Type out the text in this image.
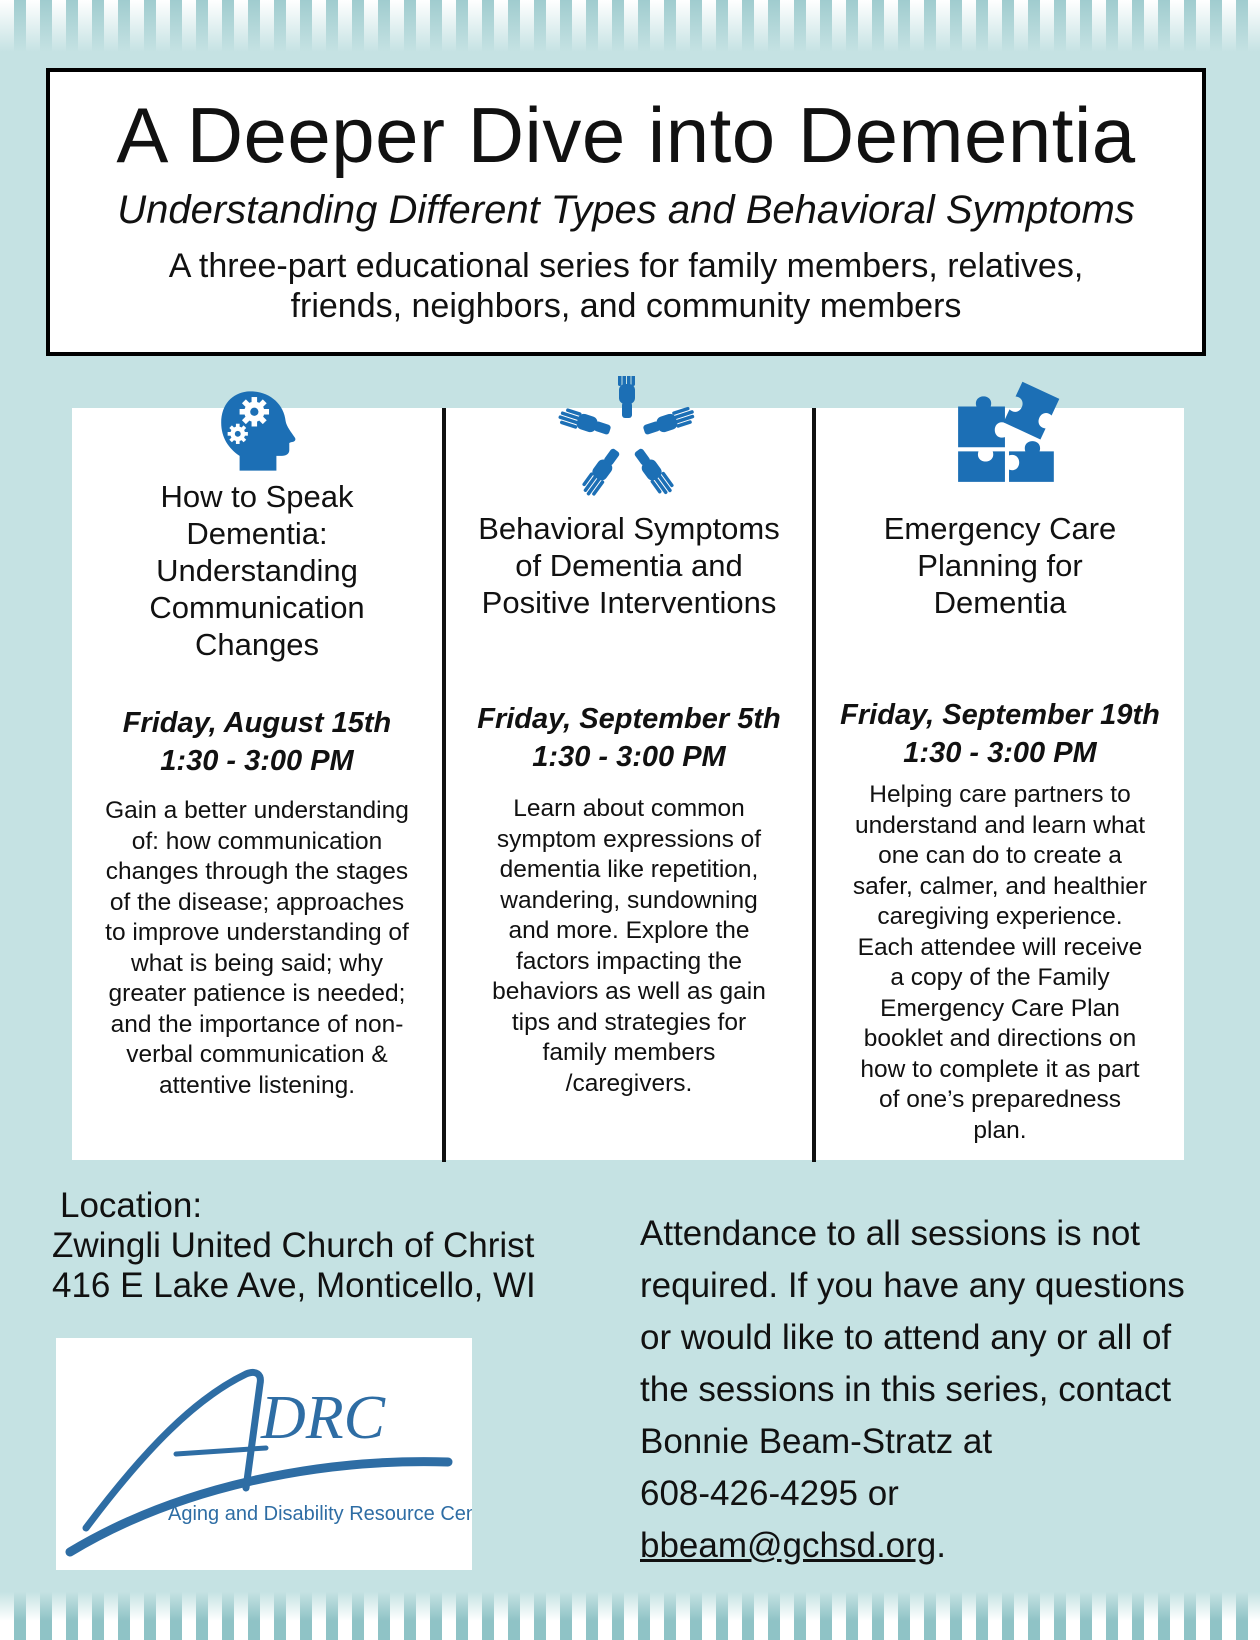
A Deeper Dive into Dementia
Understanding Different Types and Behavioral Symptoms
A three-part educational series for family members, relatives,
friends, neighbors, and community members
How to Speak
Dementia:
Understanding
Communication
Changes
Friday, August 15th
1:30 - 3:00 PM
Gain a better understanding
of: how communication
changes through the stages
of the disease; approaches
to improve understanding of
what is being said; why
greater patience is needed;
and the importance of non-
verbal communication &
attentive listening.
Behavioral Symptoms
of Dementia and
Positive Interventions
Friday, September 5th
1:30 - 3:00 PM
Learn about common
symptom expressions of
dementia like repetition,
wandering, sundowning
and more. Explore the
factors impacting the
behaviors as well as gain
tips and strategies for
family members
/caregivers.
Emergency Care
Planning for
Dementia
Friday, September 19th
1:30 - 3:00 PM
Helping care partners to
understand and learn what
one can do to create a
safer, calmer, and healthier
caregiving experience.
Each attendee will receive
a copy of the Family
Emergency Care Plan
booklet and directions on
how to complete it as part
of one’s preparedness
plan.
Location:
Zwingli United Church of Christ
416 E Lake Ave, Monticello, WI
DRC
Aging and Disability Resource Center
Attendance to all sessions is not
required. If you have any questions
or would like to attend any or all of
the sessions in this series, contact
Bonnie Beam-Stratz at
608-426-4295 or
bbeam@gchsd.org.
